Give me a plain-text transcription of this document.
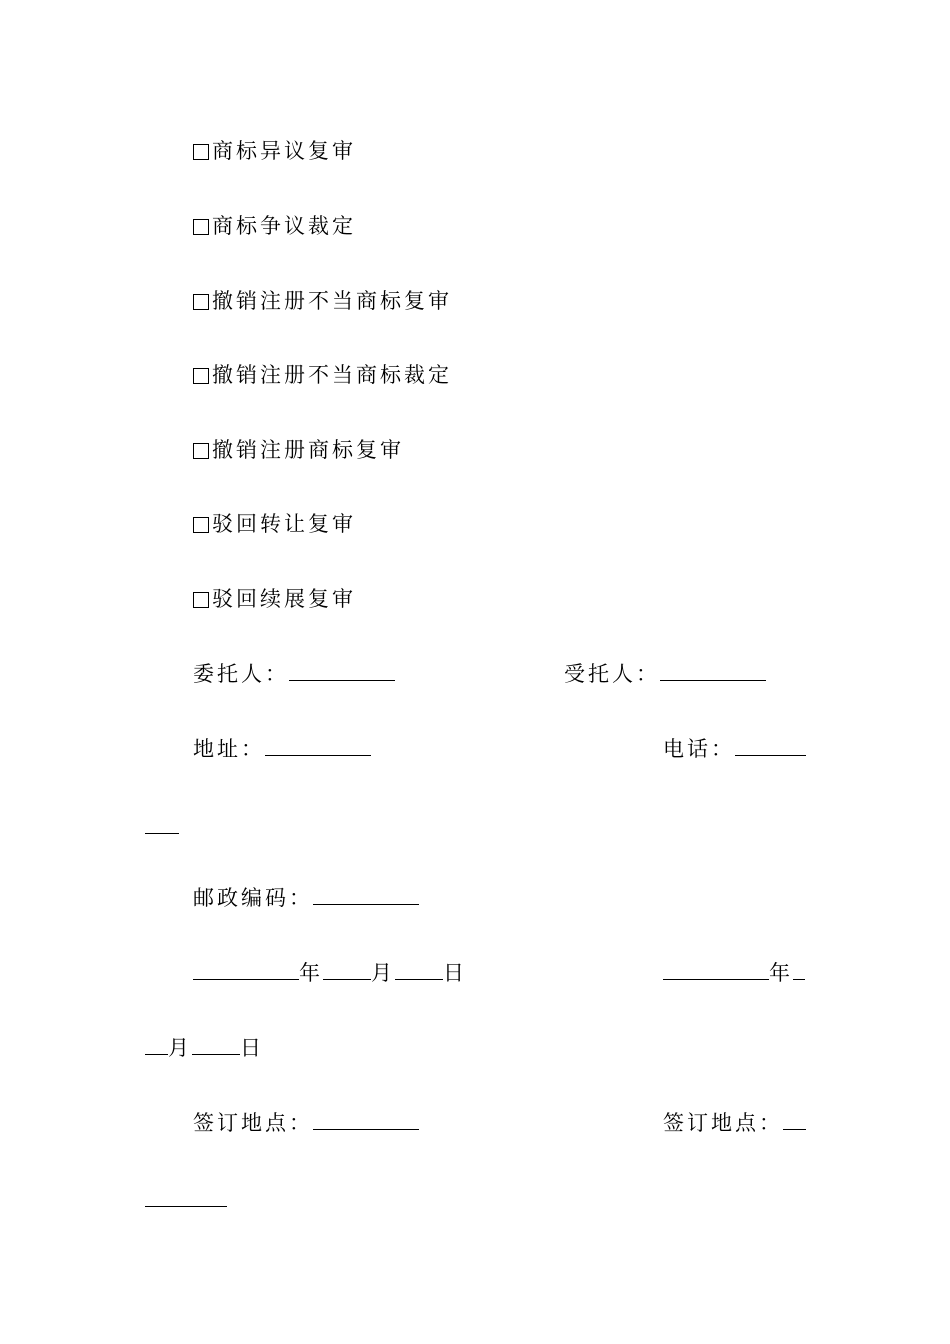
商标异议复审
商标争议裁定
撤销注册不当商标复审
撤销注册不当商标裁定
撤销注册商标复审
驳回转让复审
驳回续展复审
委托人：	受托人：
地址：	电话：
邮政编码：
年 月 日	年
月 日
签订地点：	签订地点：
